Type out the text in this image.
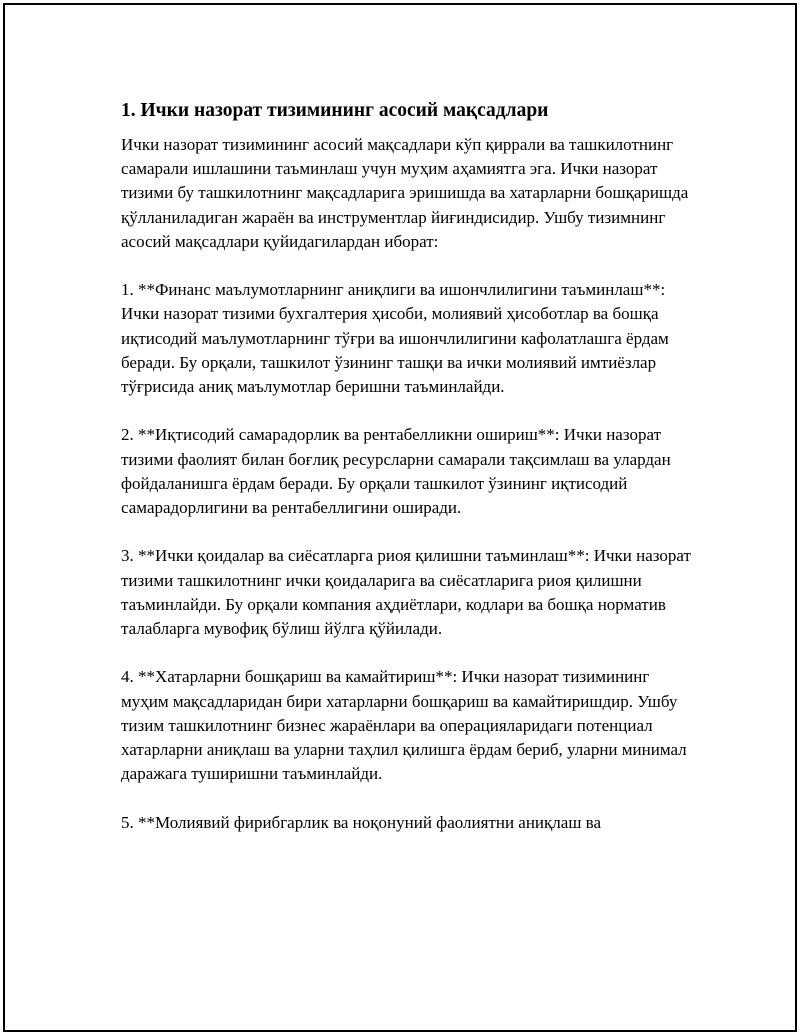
1. Ички назорат тизимининг асосий мақсадлари

Ички назорат тизимининг асосий мақсадлари кўп қиррали ва ташкилотнинг самарали ишлашини таъминлаш учун муҳим аҳамиятга эга. Ички назорат тизими бу ташкилотнинг мақсадларига эришишда ва хатарларни бошқаришда қўлланиладиган жараён ва инструментлар йиғиндисидир. Ушбу тизимнинг асосий мақсадлари қуйидагилардан иборат:

1. **Финанс маълумотларнинг аниқлиги ва ишончлилигини таъминлаш**: Ички назорат тизими бухгалтерия ҳисоби, молиявий ҳисоботлар ва бошқа иқтисодий маълумотларнинг тўғри ва ишончлилигини кафолатлашга ёрдам беради. Бу орқали, ташкилот ўзининг ташқи ва ички молиявий имтиёзлар тўғрисида аниқ маълумотлар беришни таъминлайди.

2. **Иқтисодий самарадорлик ва рентабелликни ошириш**: Ички назорат тизими фаолият билан боғлиқ ресурсларни самарали тақсимлаш ва улардан фойдаланишга ёрдам беради. Бу орқали ташкилот ўзининг иқтисодий самарадорлигини ва рентабеллигини оширади.

3. **Ички қоидалар ва сиёсатларга риоя қилишни таъминлаш**: Ички назорат тизими ташкилотнинг ички қоидаларига ва сиёсатларига риоя қилишни таъминлайди. Бу орқали компания аҳдиётлари, кодлари ва бошқа норматив талабларга мувофиқ бўлиш йўлга қўйилади.

4. **Хатарларни бошқариш ва камайтириш**: Ички назорат тизимининг муҳим мақсадларидан бири хатарларни бошқариш ва камайтиришдир. Ушбу тизим ташкилотнинг бизнес жараёнлари ва операцияларидаги потенциал хатарларни аниқлаш ва уларни таҳлил қилишга ёрдам бериб, уларни минимал даражага туширишни таъминлайди.

5. **Молиявий фирибгарлик ва ноқонуний фаолиятни аниқлаш ва
